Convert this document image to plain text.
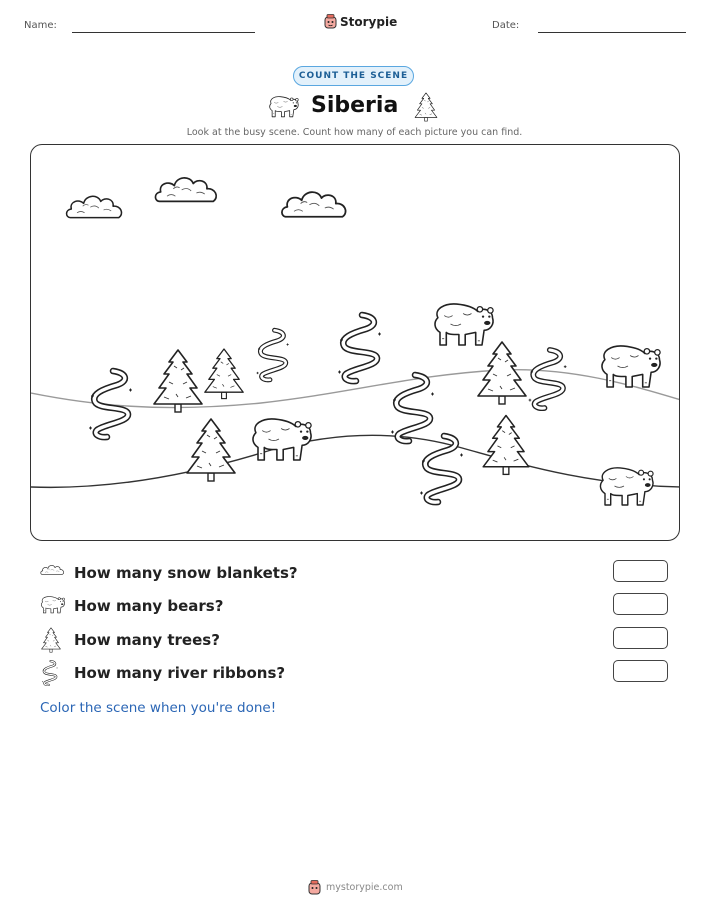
Name:	Storypie	Date:
COUNT THE SCENE
Siberia
Look at the busy scene. Count how many of each picture you can find.
How many snow blankets?
How many bears?
How many trees?
How many river ribbons?
Color the scene when you're done!
mystorypie.com
